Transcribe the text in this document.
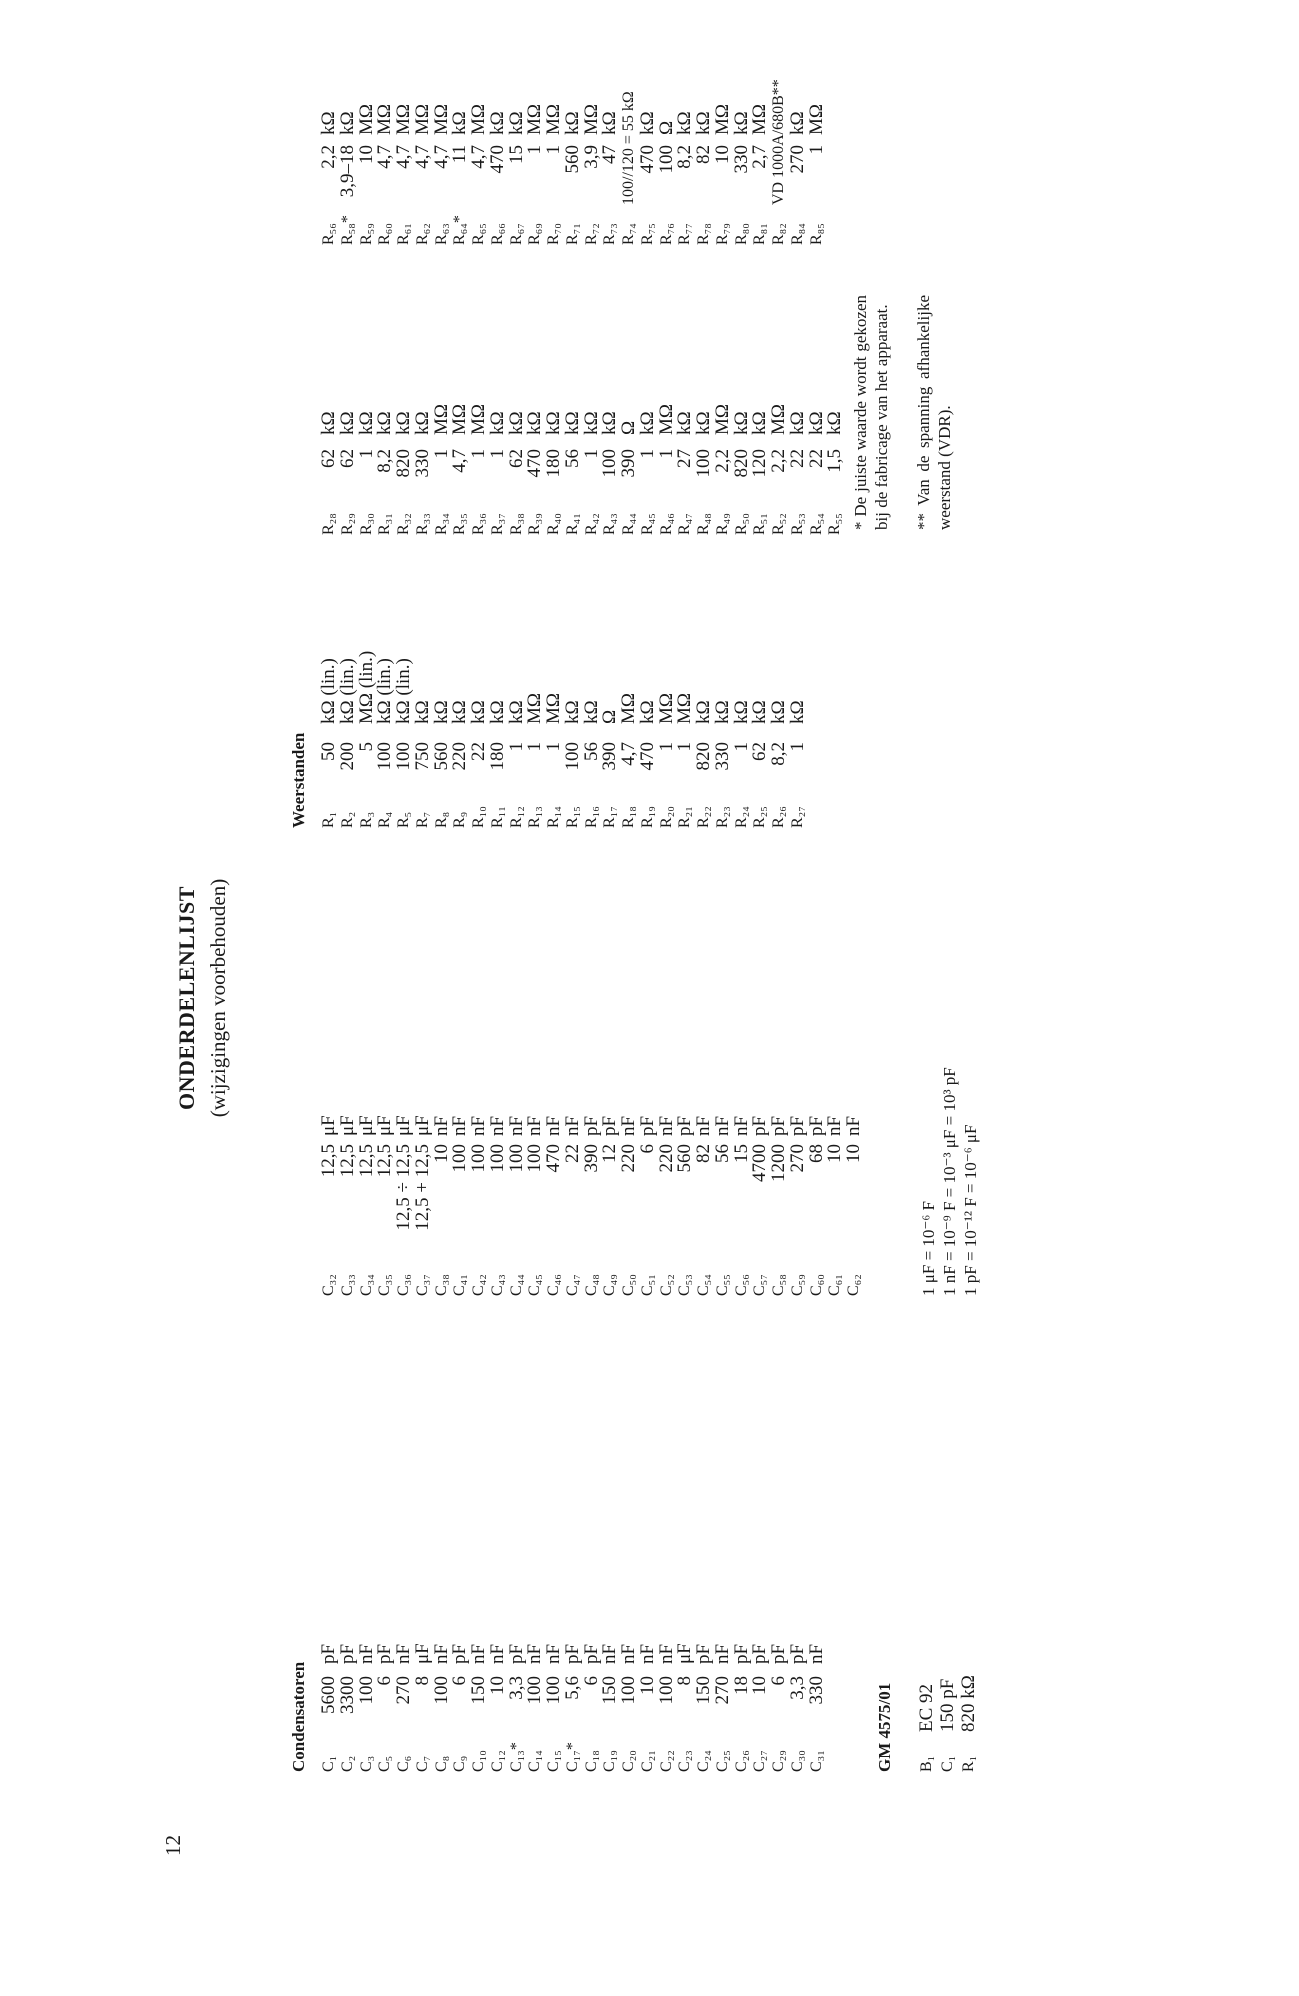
12
ONDERDELENLIJST (wijzigingen voorbehouden)
Condensatoren
Weerstanden
C₁
5600
pF
C₂
3300
pF
C₃
100
nF
C₅
6
pF
C₆
270
nF
C₇
8
μF
C₈
100
nF
C₉
6
pF
C₁₀
150
nF
C₁₂
10
nF
C₁₃*
3,3
pF
C₁₄
100
nF
C₁₅
100
nF
C₁₇*
5,6
pF
C₁₈
6
pF
C₁₉
150
nF
C₂₀
100
nF
C₂₁
10
nF
C₂₂
100
nF
C₂₃
8
μF
C₂₄
150
pF
C₂₅
270
nF
C₂₆
18
pF
C₂₇
10
pF
C₂₉
6
pF
C₃₀
3,3
pF
C₃₁
330
nF
C₃₂
12,5
μF
C₃₃
12,5
μF
C₃₄
12,5
μF
C₃₅
12,5
μF
C₃₆
12,5 ÷ 12,5
μF
C₃₇
12,5 + 12,5
μF
C₃₈
10
nF
C₄₁
100
nF
C₄₂
100
nF
C₄₃
100
nF
C₄₄
100
nF
C₄₅
100
nF
C₄₆
470
nF
C₄₇
22
nF
C₄₈
390
pF
C₄₉
12
pF
C₅₀
220
nF
C₅₁
6
pF
C₅₂
220
nF
C₅₃
560
pF
C₅₄
82
nF
C₅₅
56
nF
C₅₆
15
nF
C₅₇
4700
pF
C₅₈
1200
pF
C₅₉
270
pF
C₆₀
68
pF
C₆₁
10
nF
C₆₂
10
nF
R₁
50
kΩ (lin.)
R₂
200
kΩ (lin.)
R₃
5
MΩ (lin.)
R₄
100
kΩ (lin.)
R₅
100
kΩ (lin.)
R₇
750
kΩ
R₈
560
kΩ
R₉
220
kΩ
R₁₀
22
kΩ
R₁₁
180
kΩ
R₁₂
1
kΩ
R₁₃
1
MΩ
R₁₄
1
MΩ
R₁₅
100
kΩ
R₁₆
56
kΩ
R₁₇
390
Ω
R₁₈
4,7
MΩ
R₁₉
470
kΩ
R₂₀
1
MΩ
R₂₁
1
MΩ
R₂₂
820
kΩ
R₂₃
330
kΩ
R₂₄
1
kΩ
R₂₅
62
kΩ
R₂₆
8,2
kΩ
R₂₇
1
kΩ
R₂₈
62
kΩ
R₂₉
62
kΩ
R₃₀
1
kΩ
R₃₁
8,2
kΩ
R₃₂
820
kΩ
R₃₃
330
kΩ
R₃₄
1
MΩ
R₃₅
4,7
MΩ
R₃₆
1
MΩ
R₃₇
1
kΩ
R₃₈
62
kΩ
R₃₉
470
kΩ
R₄₀
180
kΩ
R₄₁
56
kΩ
R₄₂
1
kΩ
R₄₃
100
kΩ
R₄₄
390
Ω
R₄₅
1
kΩ
R₄₆
1
MΩ
R₄₇
27
kΩ
R₄₈
100
kΩ
R₄₉
2,2
MΩ
R₅₀
820
kΩ
R₅₁
120
kΩ
R₅₂
2,2
MΩ
R₅₃
22
kΩ
R₅₄
22
kΩ
R₅₅
1,5
kΩ
R₅₆
2,2
kΩ
R₅₈*
3,9–18
kΩ
R₅₉
10
MΩ
R₆₀
4,7
MΩ
R₆₁
4,7
MΩ
R₆₂
4,7
MΩ
R₆₃
4,7
MΩ
R₆₄*
11
kΩ
R₆₅
4,7
MΩ
R₆₆
470
kΩ
R₆₇
15
kΩ
R₆₉
1
MΩ
R₇₀
1
MΩ
R₇₁
560
kΩ
R₇₂
3,9
MΩ
R₇₃
47
kΩ
R₇₄
100//120 = 55 kΩ
R₇₅
470
kΩ
R₇₆
100
Ω
R₇₇
8,2
kΩ
R₇₈
82
kΩ
R₇₉
10
MΩ
R₈₀
330
kΩ
R₈₁
2,7
MΩ
R₈₂
VD 1000A/680B**
R₈₄
270
kΩ
R₈₅
1
MΩ
GM 4575/01 B₁
EC 92
C₁
150 pF
R₁
820 kΩ
1 μF = 10⁻⁶ F 1 nF = 10⁻⁹ F = 10⁻³ μF = 10³ pF 1 pF = 10⁻¹² F = 10⁻⁶ μF
* De juiste waarde wordt gekozen bij de fabricage van het apparaat. ** Van de spanning afhankelijke weerstand (VDR).
